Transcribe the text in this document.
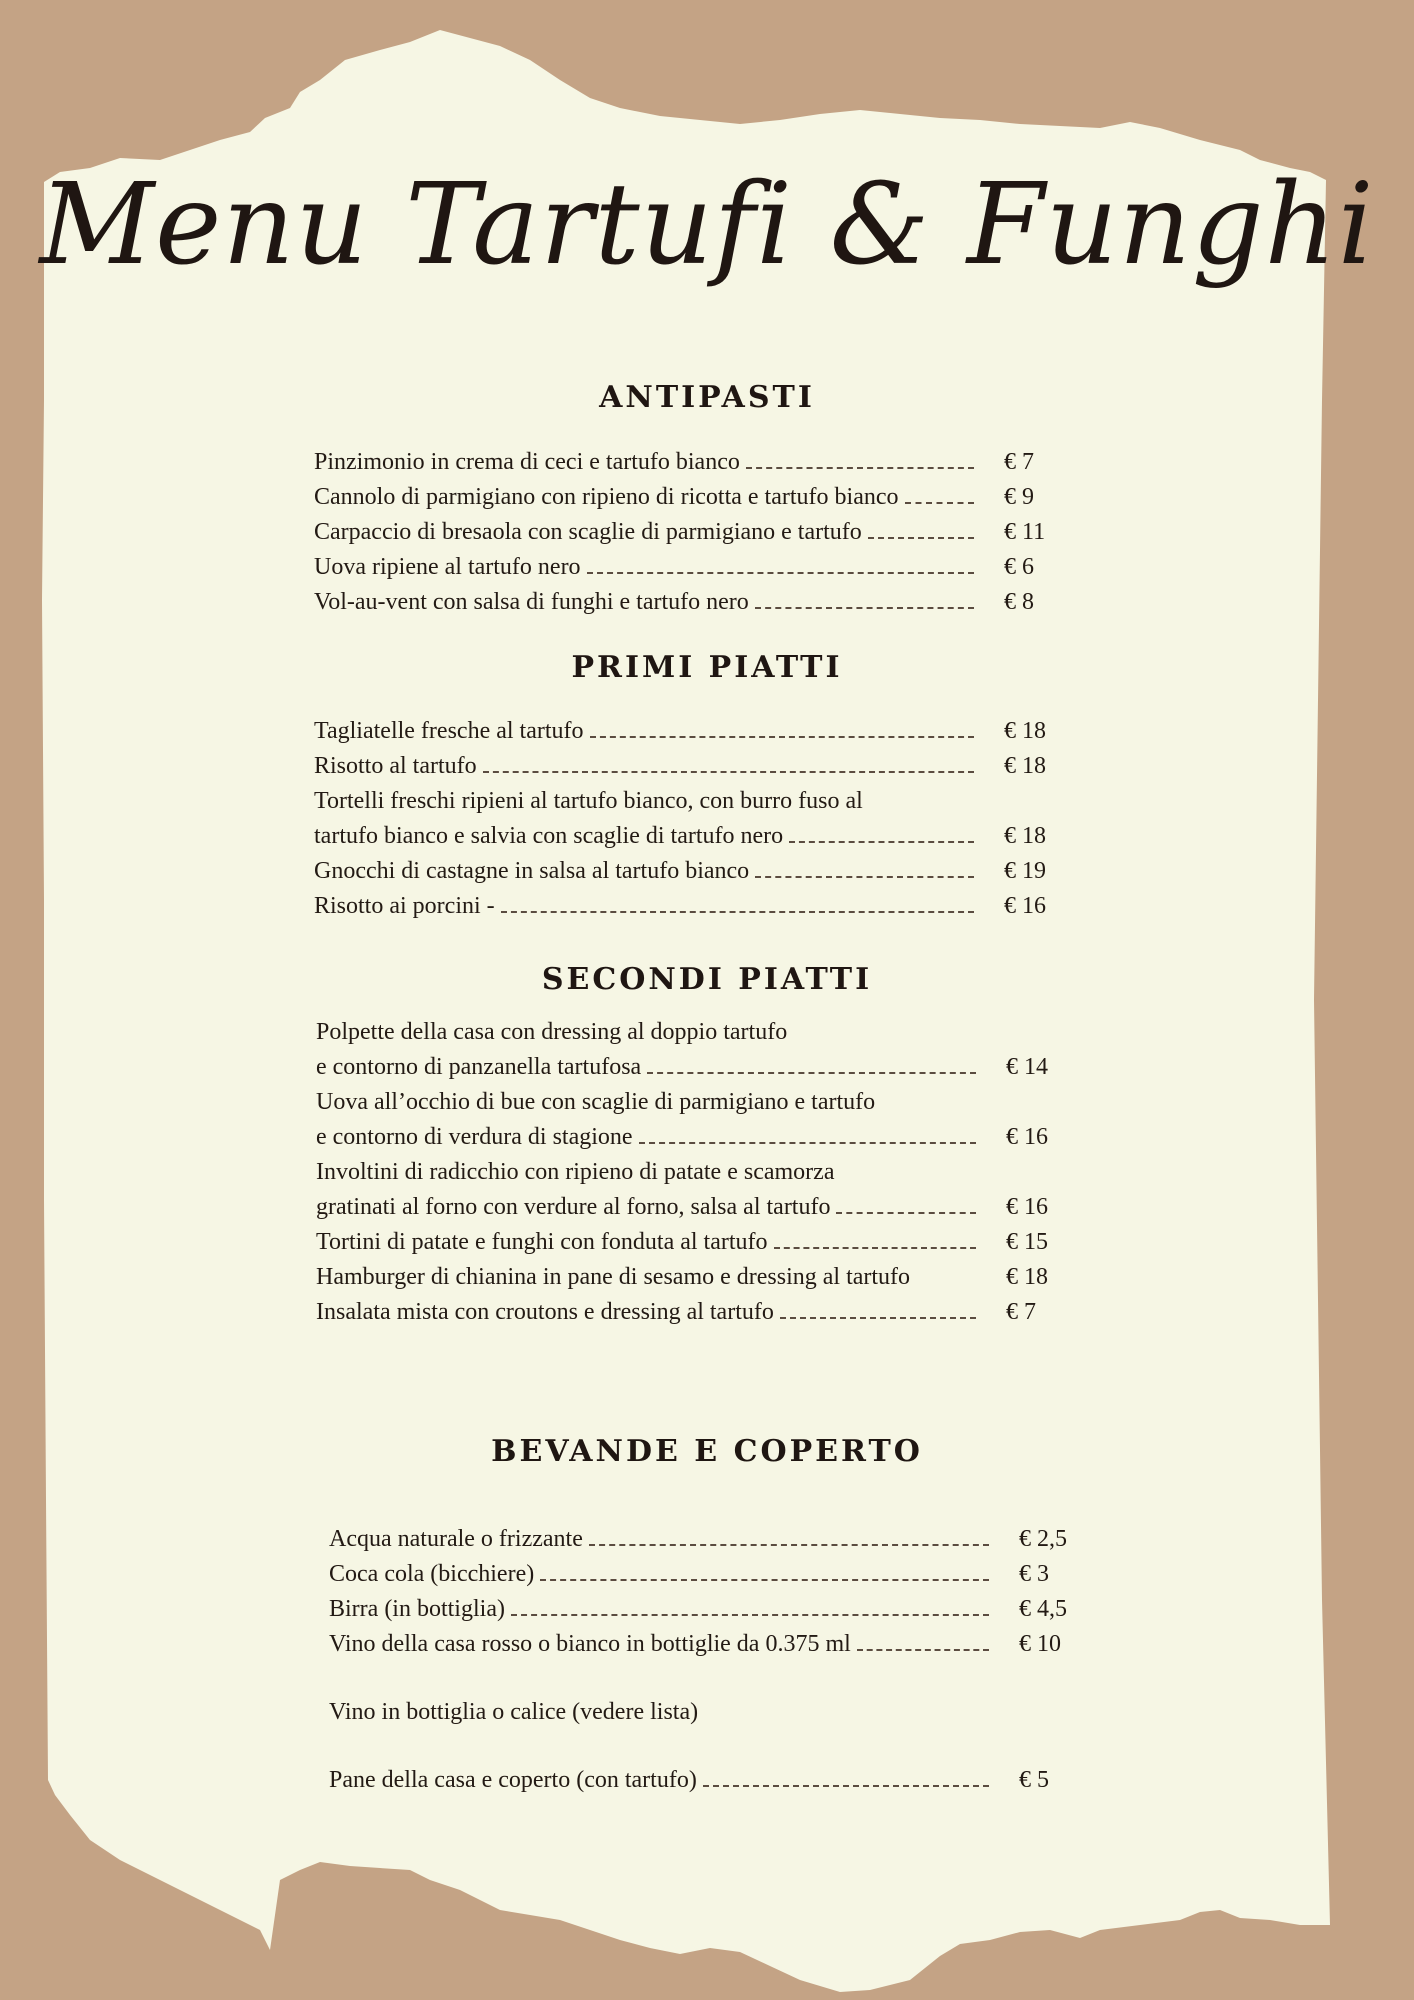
Menu Tartufi & Funghi
ANTIPASTI
Pinzimonio in crema di ceci e tartufo bianco	€ 7
Cannolo di parmigiano con ripieno di ricotta e tartufo bianco	€ 9
Carpaccio di bresaola con scaglie di parmigiano e tartufo	€ 11
Uova ripiene al tartufo nero	€ 6
Vol-au-vent con salsa di funghi e tartufo nero	€ 8
PRIMI PIATTI
Tagliatelle fresche al tartufo	€ 18
Risotto al tartufo	€ 18
Tortelli freschi ripieni al tartufo bianco, con burro fuso al
tartufo bianco e salvia con scaglie di tartufo nero	€ 18
Gnocchi di castagne in salsa al tartufo bianco	€ 19
Risotto ai porcini -	€ 16
SECONDI PIATTI
Polpette della casa con dressing al doppio tartufo
e contorno di panzanella tartufosa	€ 14
Uova all’occhio di bue con scaglie di parmigiano e tartufo
e contorno di verdura di stagione	€ 16
Involtini di radicchio con ripieno di patate e scamorza
gratinati al forno con verdure al forno, salsa al tartufo	€ 16
Tortini di patate e funghi con fonduta al tartufo	€ 15
Hamburger di chianina in pane di sesamo e dressing al tartufo	€ 18
Insalata mista con croutons e dressing al tartufo	€ 7
BEVANDE E COPERTO
Acqua naturale o frizzante	€ 2,5
Coca cola (bicchiere)	€ 3
Birra (in bottiglia)	€ 4,5
Vino della casa rosso o bianco in bottiglie da 0.375 ml	€ 10
Vino in bottiglia o calice (vedere lista)
Pane della casa e coperto (con tartufo)	€ 5
